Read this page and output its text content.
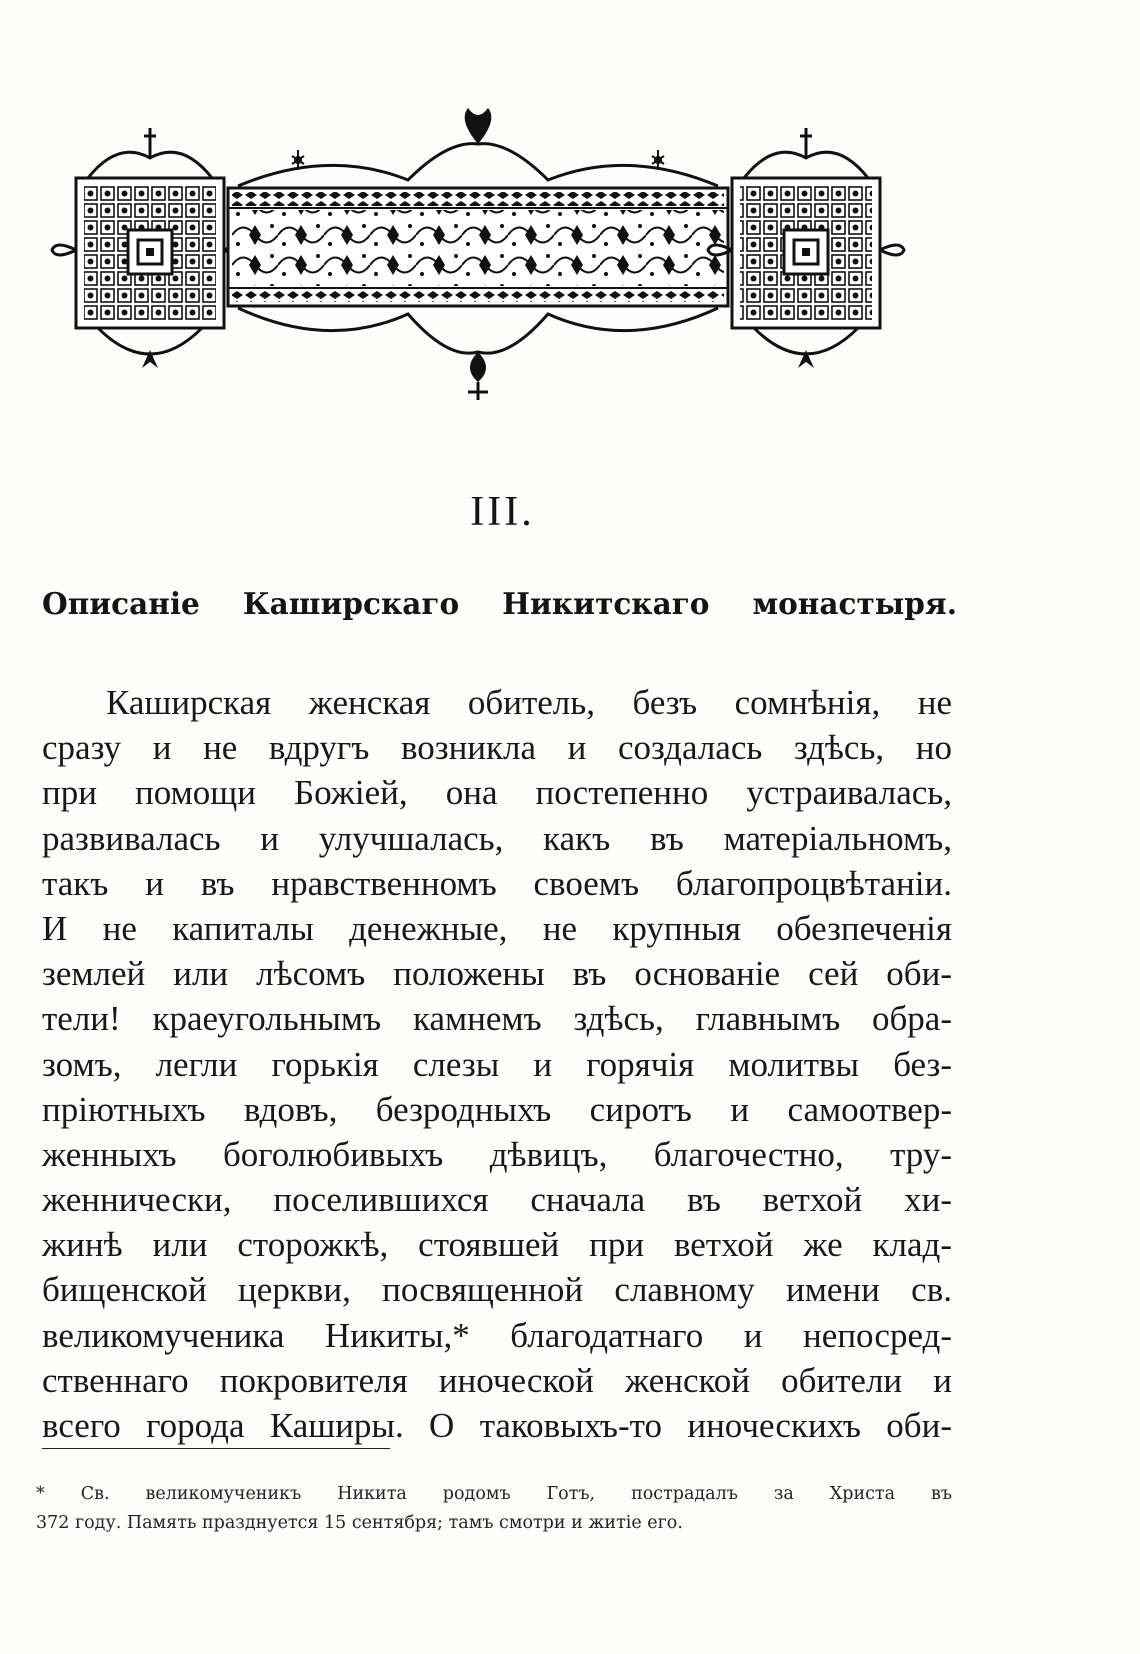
III.
Описаніе Каширскаго Никитскаго монастыря.
Каширская женская обитель, безъ сомнѣнія, не
сразу и не вдругъ возникла и создалась здѣсь, но
при помощи Божіей, она постепенно устраивалась,
развивалась и улучшалась, какъ въ матеріальномъ,
такъ и въ нравственномъ своемъ благопроцвѣтаніи.
И не капиталы денежные, не крупныя обезпеченія
землей или лѣсомъ положены въ основаніе сей оби-
тели! краеугольнымъ камнемъ здѣсь, главнымъ обра-
зомъ, легли горькія слезы и горячія молитвы без-
пріютныхъ вдовъ, безродныхъ сиротъ и самоотвер-
женныхъ боголюбивыхъ дѣвицъ, благочестно, тру-
женнически, поселившихся сначала въ ветхой хи-
жинѣ или сторожкѣ, стоявшей при ветхой же клад-
бищенской церкви, посвященной славному имени св.
великомученика Никиты,* благодатнаго и непосред-
ственнаго покровителя иноческой женской обители и
всего города Каширы. О таковыхъ-то иноческихъ оби-
* Св. великомученикъ Никита родомъ Готъ, пострадалъ за Христа въ
372 году. Память празднуется 15 сентября; тамъ смотри и житіе его.
